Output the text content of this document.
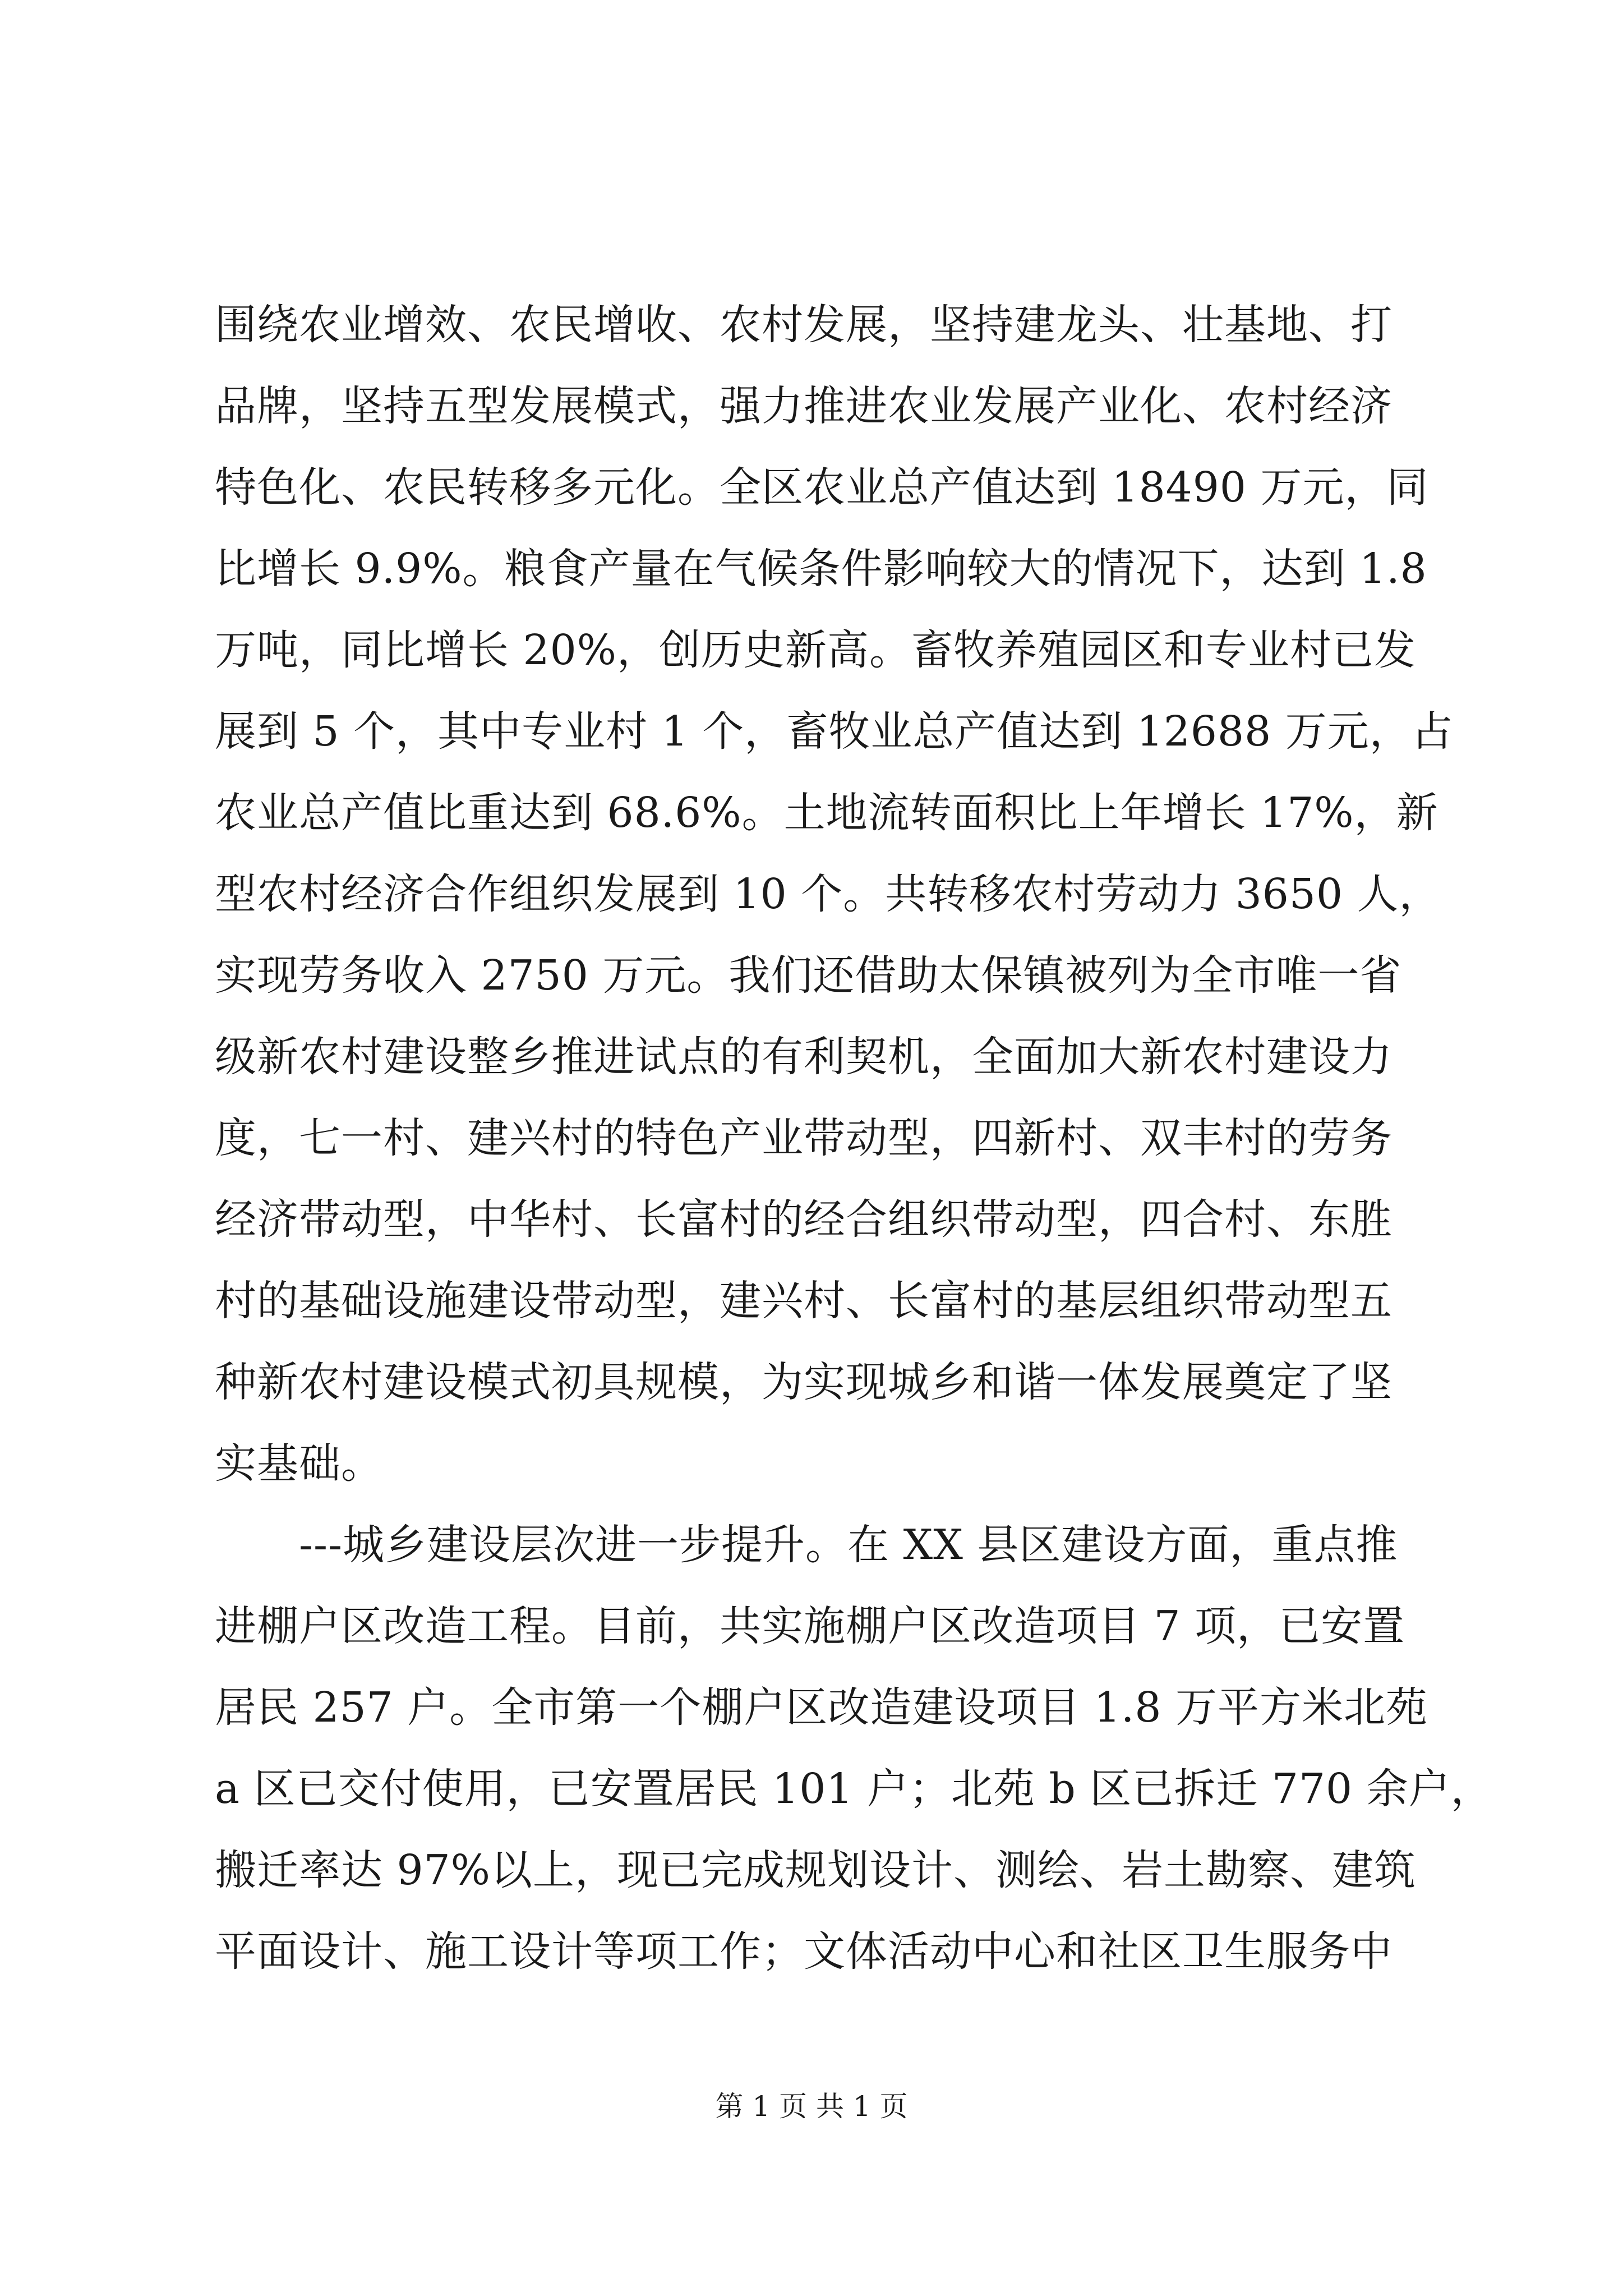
围绕农业增效、农民增收、农村发展，坚持建龙头、壮基地、打
品牌，坚持五型发展模式，强力推进农业发展产业化、农村经济
特色化、农民转移多元化。全区农业总产值达到 18490 万元，同
比增长 9.9%。粮食产量在气候条件影响较大的情况下，达到 1.8
万吨，同比增长 20%，创历史新高。畜牧养殖园区和专业村已发
展到 5 个，其中专业村 1 个，畜牧业总产值达到 12688 万元，占
农业总产值比重达到 68.6%。土地流转面积比上年增长 17%，新
型农村经济合作组织发展到 10 个。共转移农村劳动力 3650 人，
实现劳务收入 2750 万元。我们还借助太保镇被列为全市唯一省
级新农村建设整乡推进试点的有利契机，全面加大新农村建设力
度，七一村、建兴村的特色产业带动型，四新村、双丰村的劳务
经济带动型，中华村、长富村的经合组织带动型，四合村、东胜
村的基础设施建设带动型，建兴村、长富村的基层组织带动型五
种新农村建设模式初具规模，为实现城乡和谐一体发展奠定了坚
实基础。
　　---城乡建设层次进一步提升。在 XX 县区建设方面，重点推
进棚户区改造工程。目前，共实施棚户区改造项目 7 项，已安置
居民 257 户。全市第一个棚户区改造建设项目 1.8 万平方米北苑
a 区已交付使用，已安置居民 101 户；北苑 b 区已拆迁 770 余户，
搬迁率达 97%以上，现已完成规划设计、测绘、岩土勘察、建筑
平面设计、施工设计等项工作；文体活动中心和社区卫生服务中
第 1 页 共 1 页
